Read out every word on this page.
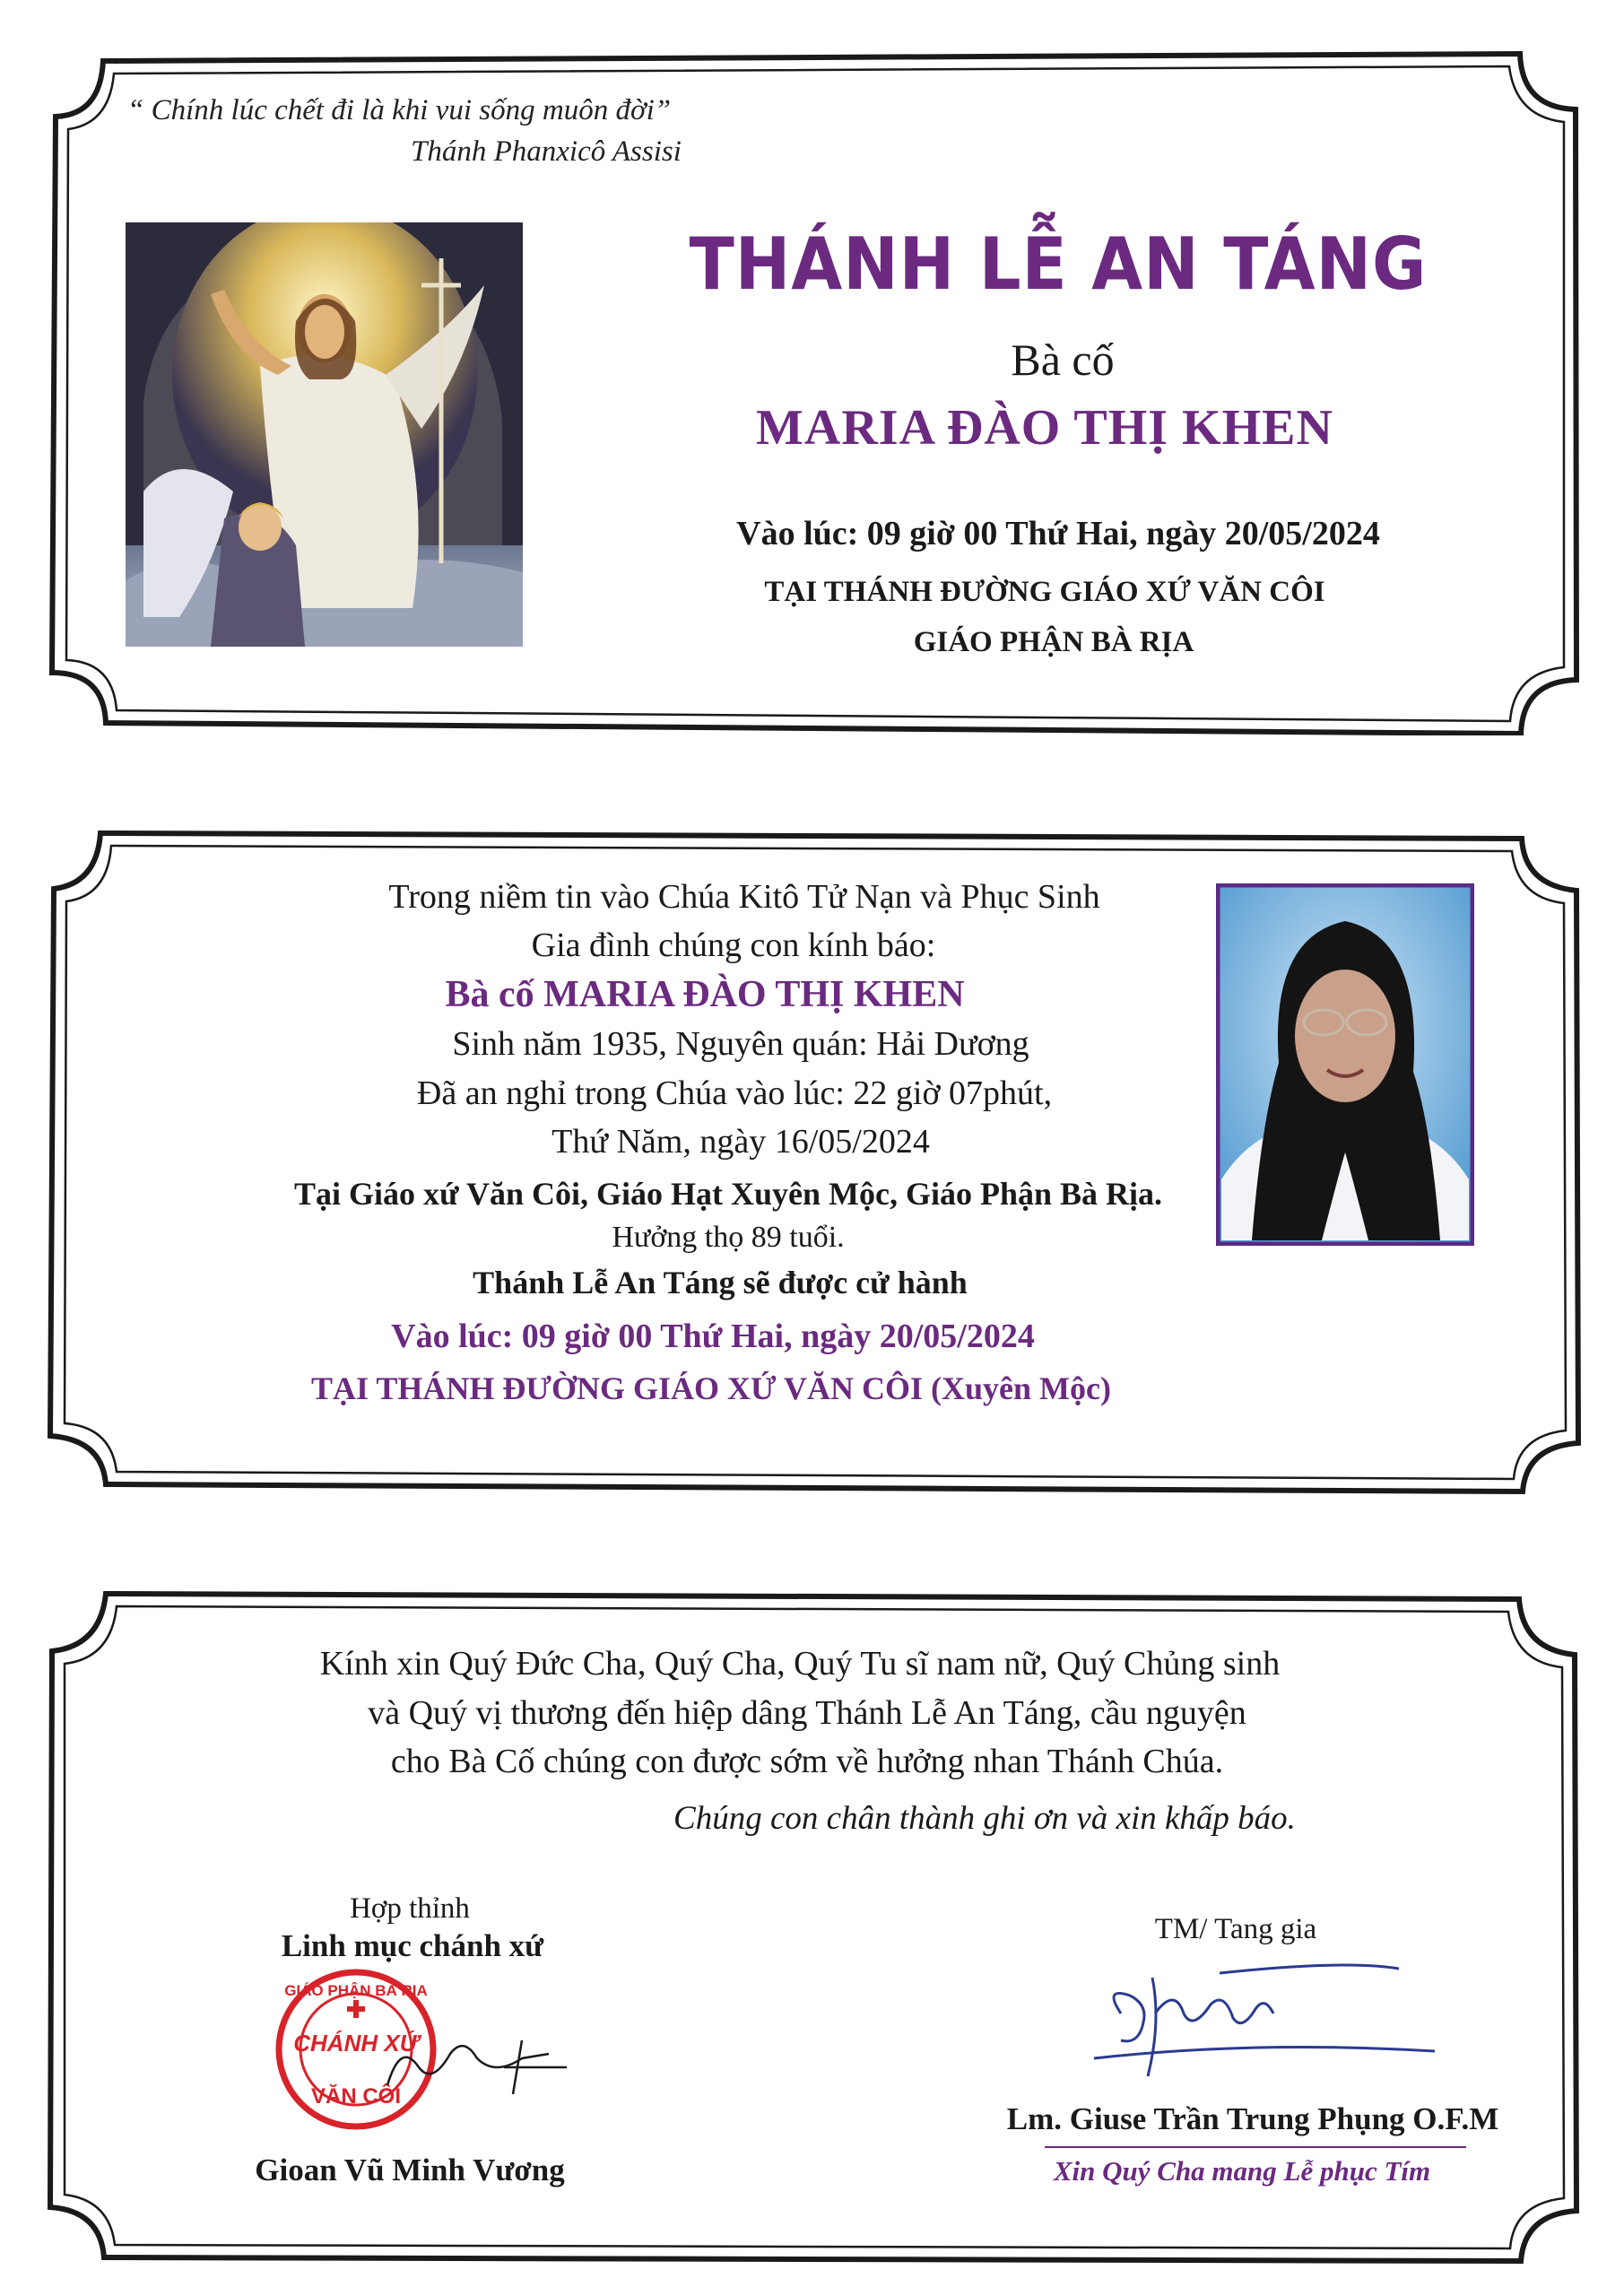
“ Chính lúc chết đi là khi vui sống muôn đời”
Thánh Phanxicô Assisi
THÁNH LỄ AN TÁNG
Bà cố
MARIA ĐÀO THỊ KHEN
Vào lúc: 09 giờ 00 Thứ Hai, ngày 20/05/2024
TẠI THÁNH ĐƯỜNG GIÁO XỨ VĂN CÔI
GIÁO PHẬN BÀ RỊA
Trong niềm tin vào Chúa Kitô Tử Nạn và Phục Sinh
Gia đình chúng con kính báo:
Bà cố MARIA ĐÀO THỊ KHEN
Sinh năm 1935, Nguyên quán: Hải Dương
Đã an nghỉ trong Chúa vào lúc: 22 giờ 07phút,
Thứ Năm, ngày 16/05/2024
Tại Giáo xứ Văn Côi, Giáo Hạt Xuyên Mộc, Giáo Phận Bà Rịa.
Hưởng thọ 89 tuổi.
Thánh Lễ An Táng sẽ được cử hành
Vào lúc: 09 giờ 00 Thứ Hai, ngày 20/05/2024
TẠI THÁNH ĐƯỜNG GIÁO XỨ VĂN CÔI (Xuyên Mộc)
Kính xin Quý Đức Cha, Quý Cha, Quý Tu sĩ nam nữ, Quý Chủng sinh
và Quý vị thương đến hiệp dâng Thánh Lễ An Táng, cầu nguyện
cho Bà Cố chúng con được sớm về hưởng nhan Thánh Chúa.
Chúng con chân thành ghi ơn và xin khấp báo.
Hợp thỉnh
Linh mục chánh xứ
GIÁO PHẬN BÀ RỊA
CHÁNH XỨ
VĂN CÔI
Gioan Vũ Minh Vương
TM/ Tang gia
Lm. Giuse Trần Trung Phụng O.F.M
Xin Quý Cha mang Lễ phục Tím
